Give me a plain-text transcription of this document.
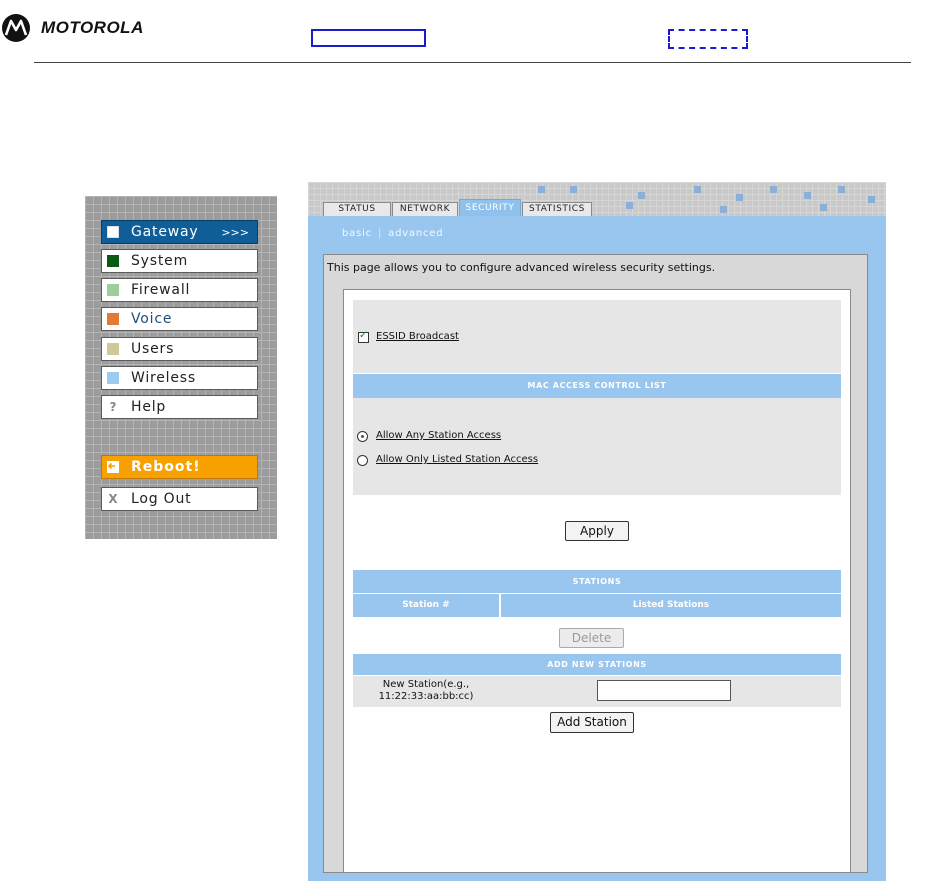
MOTOROLA
Gateway >>>
System
Firewall
Voice
Users
Wireless
? Help
Reboot!
X Log Out
STATUS	NETWORK	SECURITY	STATISTICS
basic | advanced
This page allows you to configure advanced wireless security settings.
✓
ESSID Broadcast
MAC ACCESS CONTROL LIST
Allow Any Station Access
Allow Only Listed Station Access
Apply
STATIONS
Station #	Listed Stations
Delete
ADD NEW STATIONS
New Station(e.g.,
11:22:33:aa:bb:cc)
Add Station
